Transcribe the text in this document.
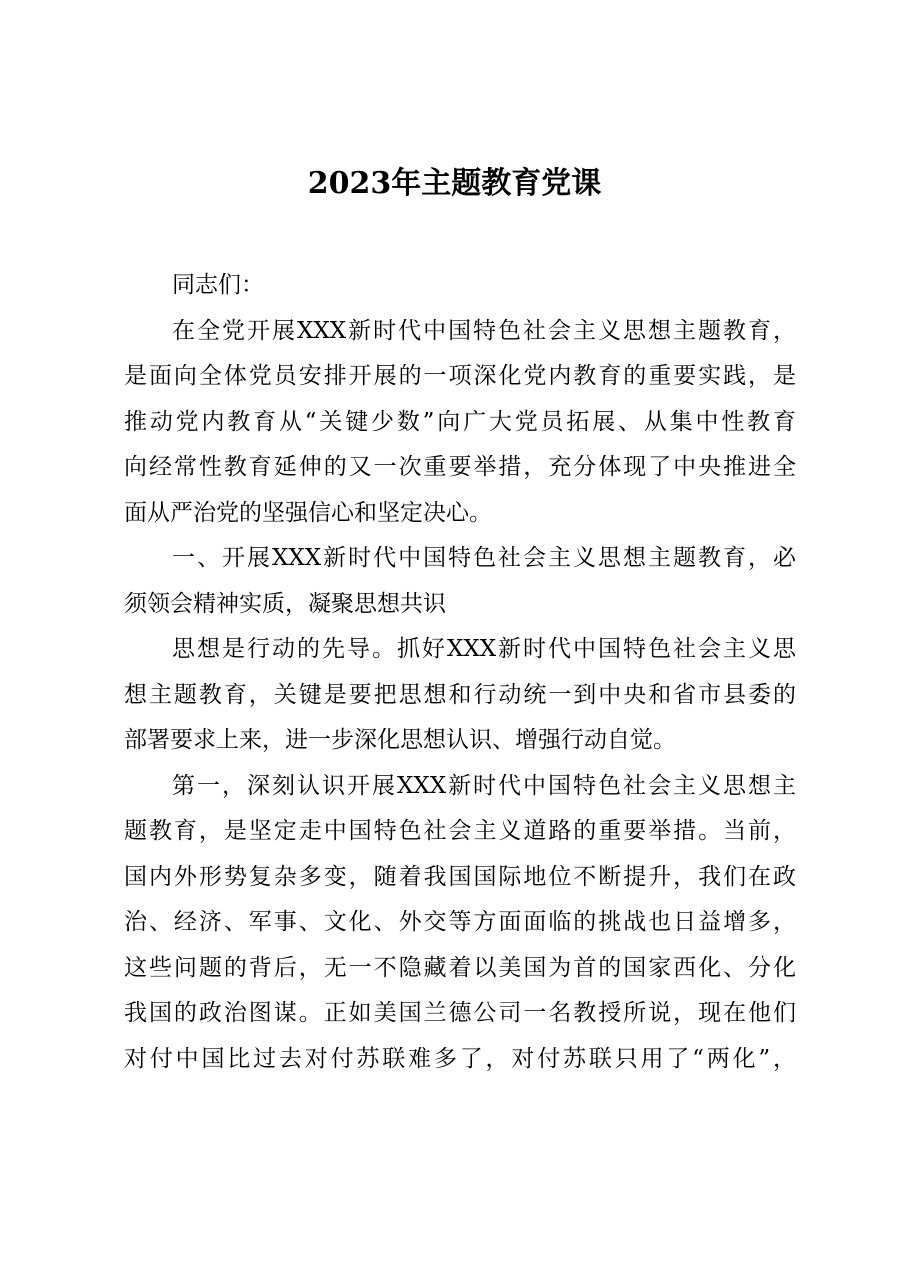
2023年主题教育党课

同志们：

在全党开展XXX新时代中国特色社会主义思想主题教育，
是面向全体党员安排开展的一项深化党内教育的重要实践，是
推动党内教育从“关键少数”向广大党员拓展、从集中性教育
向经常性教育延伸的又一次重要举措，充分体现了中央推进全
面从严治党的坚强信心和坚定决心。

一、开展XXX新时代中国特色社会主义思想主题教育，必
须领会精神实质，凝聚思想共识

思想是行动的先导。抓好XXX新时代中国特色社会主义思
想主题教育，关键是要把思想和行动统一到中央和省市县委的
部署要求上来，进一步深化思想认识、增强行动自觉。

第一，深刻认识开展XXX新时代中国特色社会主义思想主
题教育，是坚定走中国特色社会主义道路的重要举措。当前，
国内外形势复杂多变，随着我国国际地位不断提升，我们在政
治、经济、军事、文化、外交等方面面临的挑战也日益增多，
这些问题的背后，无一不隐藏着以美国为首的国家西化、分化
我国的政治图谋。正如美国兰德公司一名教授所说，现在他们
对付中国比过去对付苏联难多了，对付苏联只用了“两化”，
